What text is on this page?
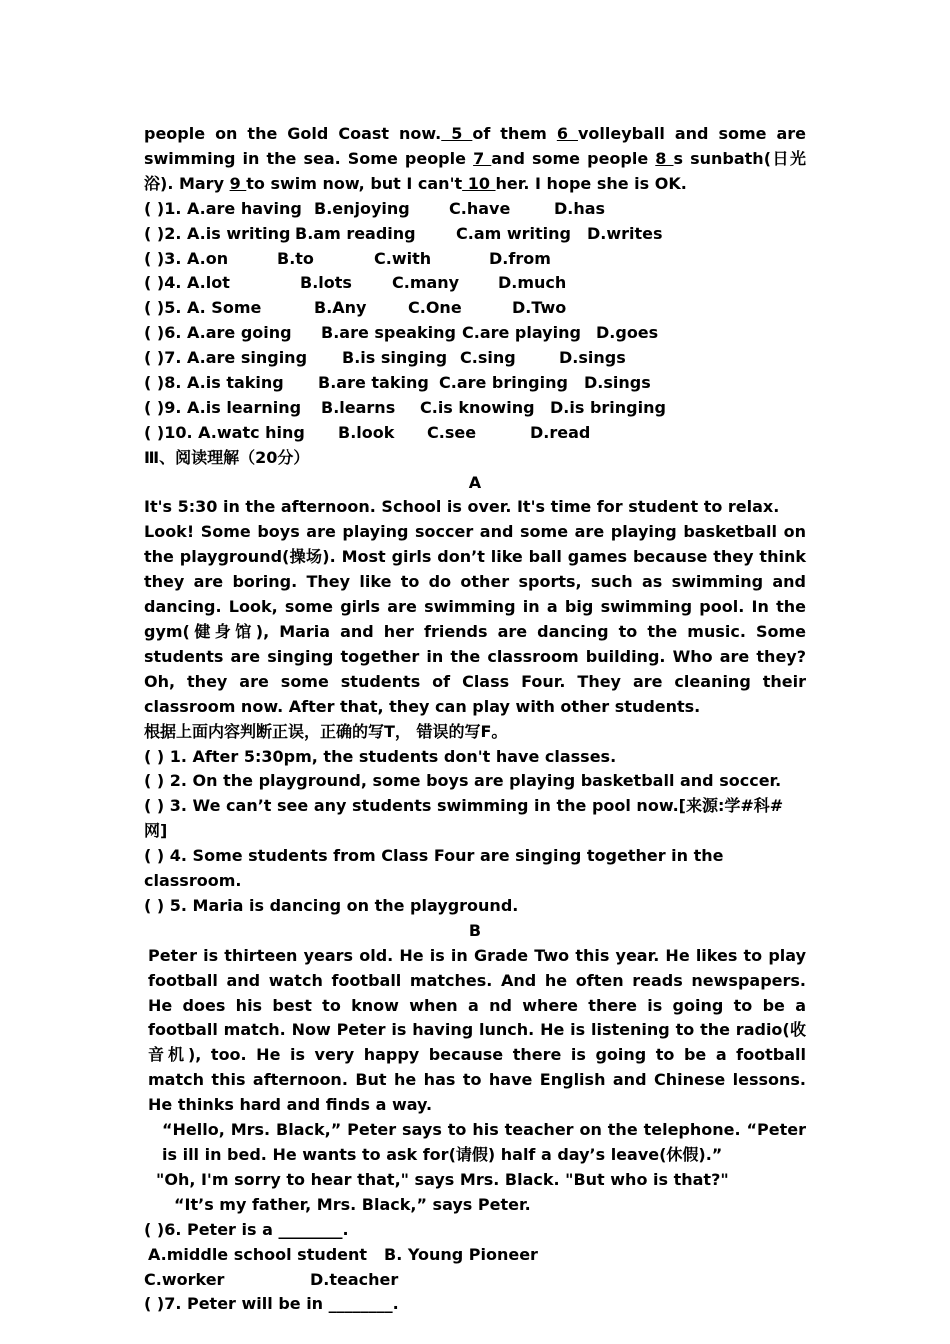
people on the Gold Coast now. 5 of them 6 volleyball and some are swimming in the sea. Some people 7 and some people 8 s sunbath(日光浴). Mary 9 to swim now, but I can't 10 her. I hope she is OK.

( )1. A.are having B.enjoying C.have	D.has
( )2. A.is writing B.am reading	C.am writing D.writes
( )3. A.on	B.to	C.with	D.from
( )4. A.lot	B.lots	C.many D.much
( )5. A. Some	B.Any	C.One	D.Two
( )6. A.are going B.are speaking C.are playing D.goes
( )7. A.are singing B.is singing C.sing	D.sings
( )8. A.is taking B.are taking C.are bringing D.sings
( )9. A.is learning B.learns C.is knowing D.is bringing
( )10. A.watc hing B.look C.see	D.read

Ⅲ、阅读理解（20分）

A

It's 5:30 in the afternoon. School is over. It's time for student to relax.

Look! Some boys are playing soccer and some are playing basketball on the playground(操场). Most girls don’t like ball games because they think they are boring. They like to do other sports, such as swimming and dancing. Look, some girls are swimming in a big swimming pool. In the gym(健身馆), Maria and her friends are dancing to the music. Some students are singing together in the classroom building. Who are they? Oh, they are some students of Class Four. They are cleaning their classroom now. After that, they can play with other students.

根据上面内容判断正误，正确的写T， 错误的写F。

( ) 1. After 5:30pm, the students don't have classes.

( ) 2. On the playground, some boys are playing basketball and soccer.

( ) 3. We can’t see any students swimming in the pool now.[来源:学#科#网]

( ) 4. Some students from Class Four are singing together in the classroom.

( ) 5. Maria is dancing on the playground.

B

Peter is thirteen years old. He is in Grade Two this year. He likes to play football and watch football matches. And he often reads newspapers. He does his best to know when a nd where there is going to be a football match. Now Peter is having lunch. He is listening to the radio(收音机), too. He is very happy because there is going to be a football match this afternoon. But he has to have English and Chinese lessons. He thinks hard and finds a way.

“Hello, Mrs. Black,” Peter says to his teacher on the telephone. “Peter is ill in bed. He wants to ask for(请假) half a day’s leave(休假).”

"Oh, I'm sorry to hear that," says Mrs. Black. "But who is that?"

“It’s my father, Mrs. Black,” says Peter.

( )6. Peter is a ________.

A.middle school student B. Young Pioneer
C.worker	D.teacher

( )7. Peter will be in ________.
